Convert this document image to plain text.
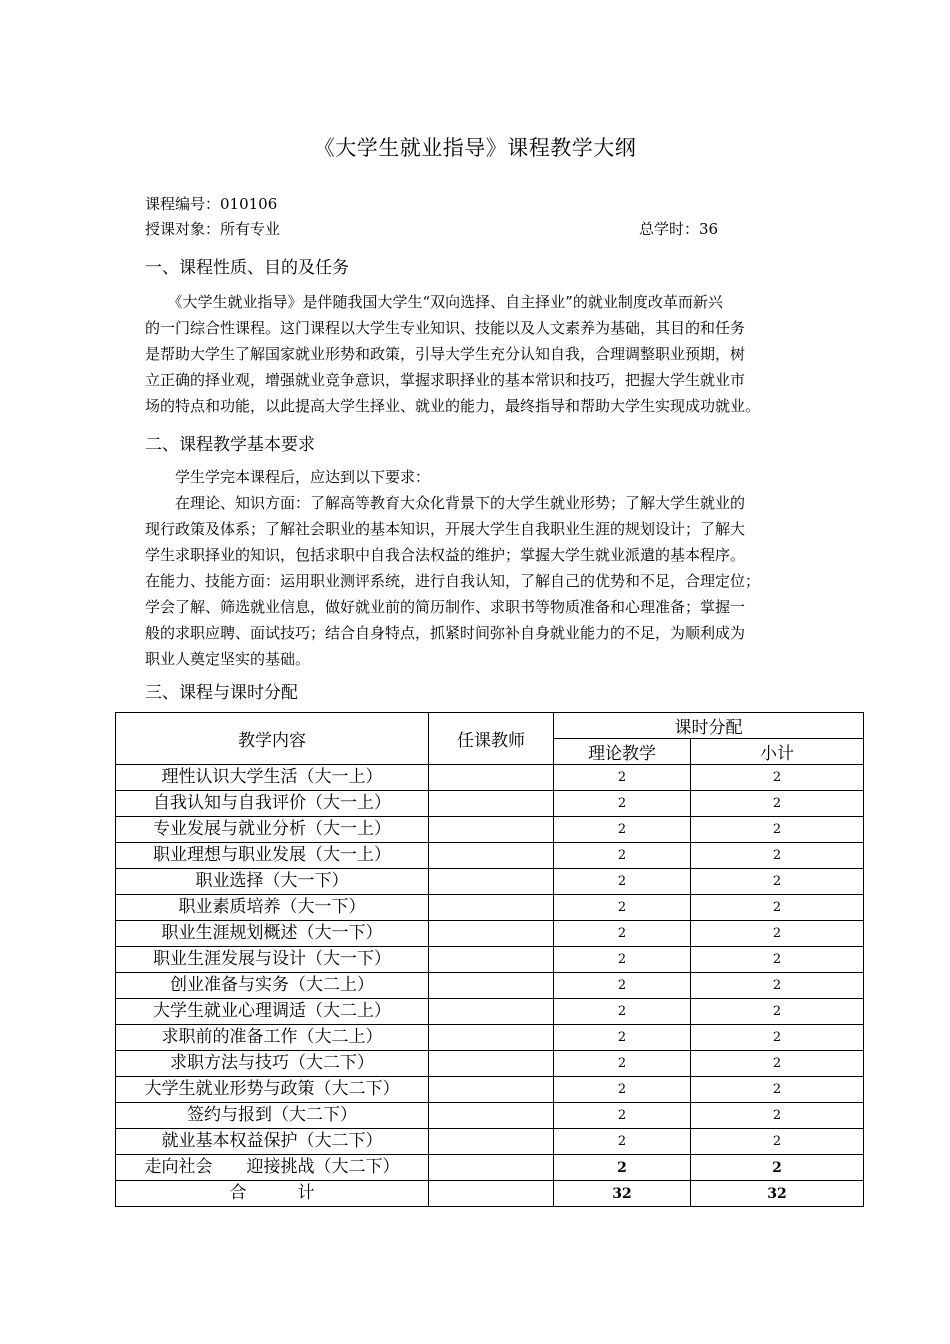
《大学生就业指导》课程教学大纲
课程编号：010106
授课对象：所有专业	总学时：36
一、课程性质、目的及任务
　　《大学生就业指导》是伴随我国大学生“双向选择、自主择业”的就业制度改革而新兴
的一门综合性课程。这门课程以大学生专业知识、技能以及人文素养为基础，其目的和任务
是帮助大学生了解国家就业形势和政策，引导大学生充分认知自我，合理调整职业预期，树
立正确的择业观，增强就业竞争意识，掌握求职择业的基本常识和技巧，把握大学生就业市
场的特点和功能，以此提高大学生择业、就业的能力，最终指导和帮助大学生实现成功就业。
二、课程教学基本要求
　　学生学完本课程后，应达到以下要求：
　　在理论、知识方面：了解高等教育大众化背景下的大学生就业形势；了解大学生就业的
现行政策及体系；了解社会职业的基本知识，开展大学生自我职业生涯的规划设计；了解大
学生求职择业的知识，包括求职中自我合法权益的维护；掌握大学生就业派遣的基本程序。
在能力、技能方面：运用职业测评系统，进行自我认知，了解自己的优势和不足，合理定位；
学会了解、筛选就业信息，做好就业前的简历制作、求职书等物质准备和心理准备；掌握一
般的求职应聘、面试技巧；结合自身特点，抓紧时间弥补自身就业能力的不足，为顺利成为
职业人奠定坚实的基础。
三、课程与课时分配
教学内容	任课教师	课时分配	
		理论教学	小计
理性认识大学生活（大一上）		2	2
自我认知与自我评价（大一上）		2	2
专业发展与就业分析（大一上）		2	2
职业理想与职业发展（大一上）		2	2
职业选择（大一下）		2	2
职业素质培养（大一下）		2	2
职业生涯规划概述（大一下）		2	2
职业生涯发展与设计（大一下）		2	2
创业准备与实务（大二上）		2	2
大学生就业心理调适（大二上）		2	2
求职前的准备工作（大二上）		2	2
求职方法与技巧（大二下）		2	2
大学生就业形势与政策（大二下）		2	2
签约与报到（大二下）		2	2
就业基本权益保护（大二下）		2	2
走向社会　　迎接挑战（大二下）		2	2
合　　　计		32	32
